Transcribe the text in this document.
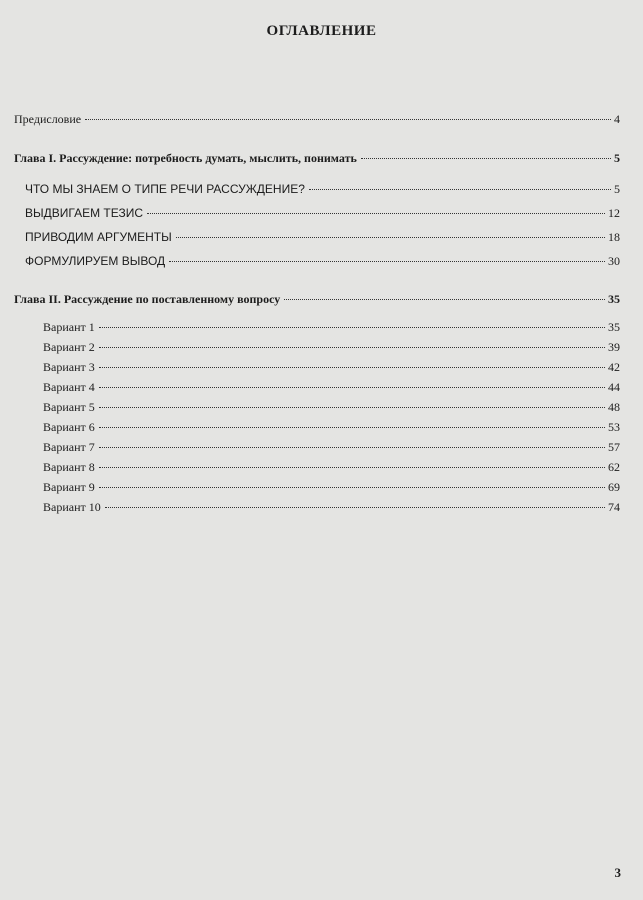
ОГЛАВЛЕНИЕ
Предисловие	4
Глава I. Рассуждение: потребность думать, мыслить, понимать	5
ЧТО МЫ ЗНАЕМ О ТИПЕ РЕЧИ РАССУЖДЕНИЕ?	5
ВЫДВИГАЕМ ТЕЗИС	12
ПРИВОДИМ АРГУМЕНТЫ	18
ФОРМУЛИРУЕМ ВЫВОД	30
Глава II. Рассуждение по поставленному вопросу	35
Вариант 1	35
Вариант 2	39
Вариант 3	42
Вариант 4	44
Вариант 5	48
Вариант 6	53
Вариант 7	57
Вариант 8	62
Вариант 9	69
Вариант 10	74
3
